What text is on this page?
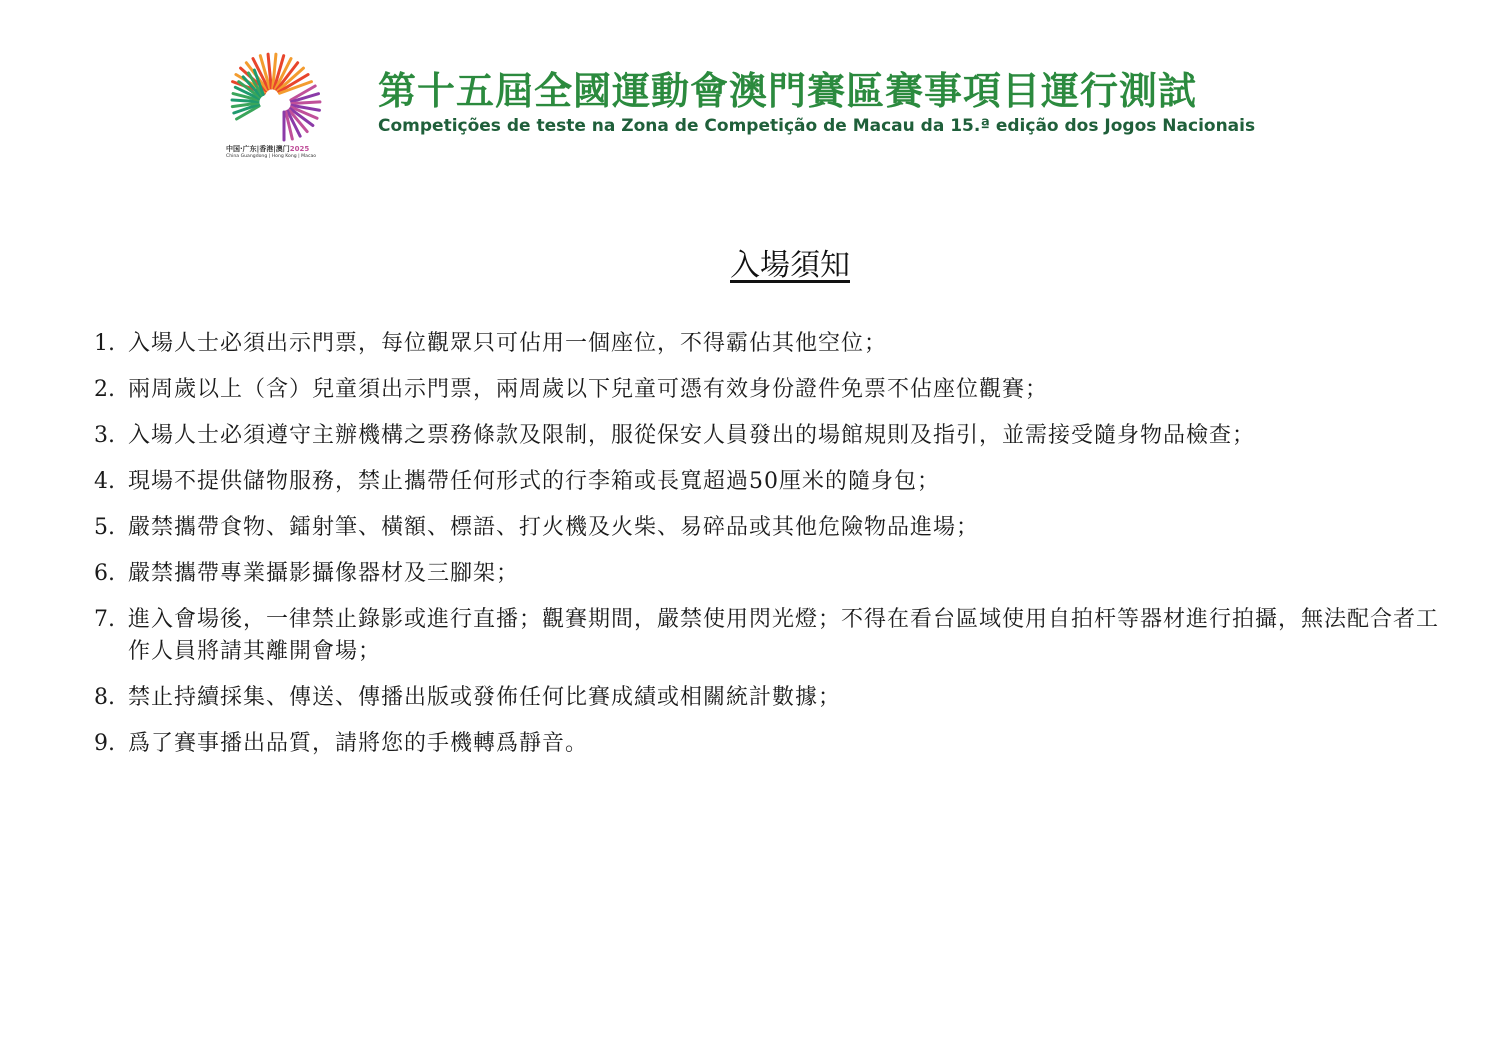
中国·广东|香港|澳门2025
China Guangdong | Hong Kong | Macao
第十五屆全國運動會澳門賽區賽事項目運行測試
Competições de teste na Zona de Competição de Macau da 15.ª edição dos Jogos Nacionais
入場須知
1. 入場人士必須出示門票，每位觀眾只可佔用一個座位，不得霸佔其他空位；
2. 兩周歲以上（含）兒童須出示門票，兩周歲以下兒童可憑有效身份證件免票不佔座位觀賽；
3. 入場人士必須遵守主辦機構之票務條款及限制，服從保安人員發出的場館規則及指引，並需接受隨身物品檢查；
4. 現場不提供儲物服務，禁止攜帶任何形式的行李箱或長寬超過50厘米的隨身包；
5. 嚴禁攜帶食物、鐳射筆、橫額、標語、打火機及火柴、易碎品或其他危險物品進場；
6. 嚴禁攜帶專業攝影攝像器材及三腳架；
7. 進入會場後，一律禁止錄影或進行直播；觀賽期間，嚴禁使用閃光燈；不得在看台區域使用自拍杆等器材進行拍攝，無法配合者工作人員將請其離開會場；
8. 禁止持續採集、傳送、傳播出版或發佈任何比賽成績或相關統計數據；
9. 爲了賽事播出品質，請將您的手機轉爲靜音。
